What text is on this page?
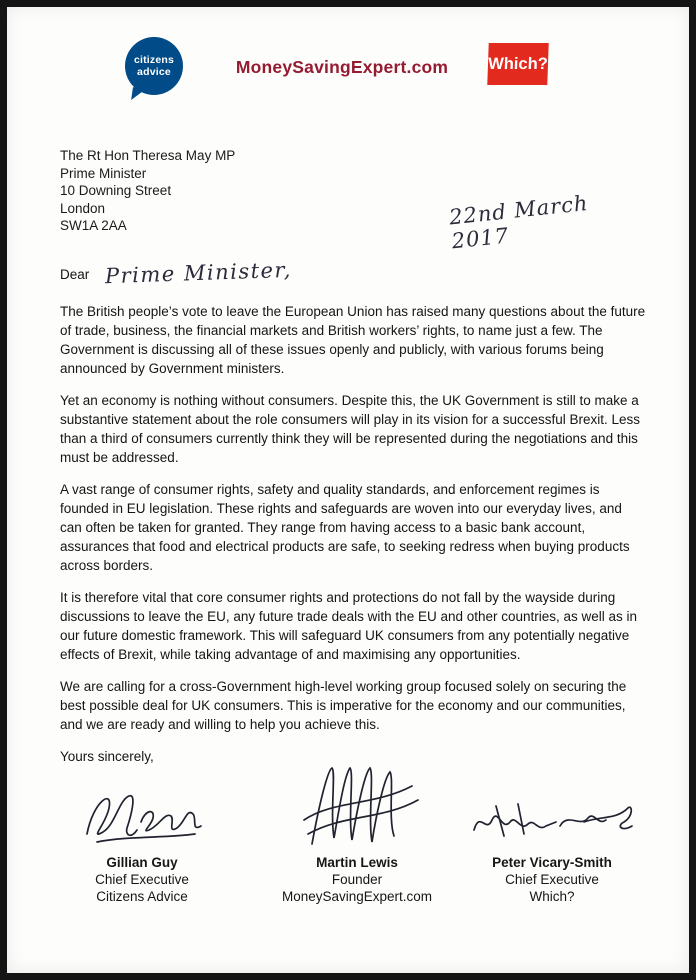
citizens
advice	MoneySavingExpert.com	Which?
The Rt Hon Theresa May MP
Prime Minister
10 Downing Street
London
SW1A 2AA	22nd March 2017
Dear Prime Minister,

The British people’s vote to leave the European Union has raised many questions about the future of trade, business, the financial markets and British workers’ rights, to name just a few. The Government is discussing all of these issues openly and publicly, with various forums being announced by Government ministers.

Yet an economy is nothing without consumers. Despite this, the UK Government is still to make a substantive statement about the role consumers will play in its vision for a successful Brexit. Less than a third of consumers currently think they will be represented during the negotiations and this must be addressed.

A vast range of consumer rights, safety and quality standards, and enforcement regimes is founded in EU legislation. These rights and safeguards are woven into our everyday lives, and can often be taken for granted. They range from having access to a basic bank account, assurances that food and electrical products are safe, to seeking redress when buying products across borders.

It is therefore vital that core consumer rights and protections do not fall by the wayside during discussions to leave the EU, any future trade deals with the EU and other countries, as well as in our future domestic framework. This will safeguard UK consumers from any potentially negative effects of Brexit, while taking advantage of and maximising any opportunities.

We are calling for a cross-Government high-level working group focused solely on securing the best possible deal for UK consumers. This is imperative for the economy and our communities, and we are ready and willing to help you achieve this.

Yours sincerely,
Gillian Guy
Chief Executive
Citizens Advice
Martin Lewis
Founder
MoneySavingExpert.com
Peter Vicary-Smith
Chief Executive
Which?
